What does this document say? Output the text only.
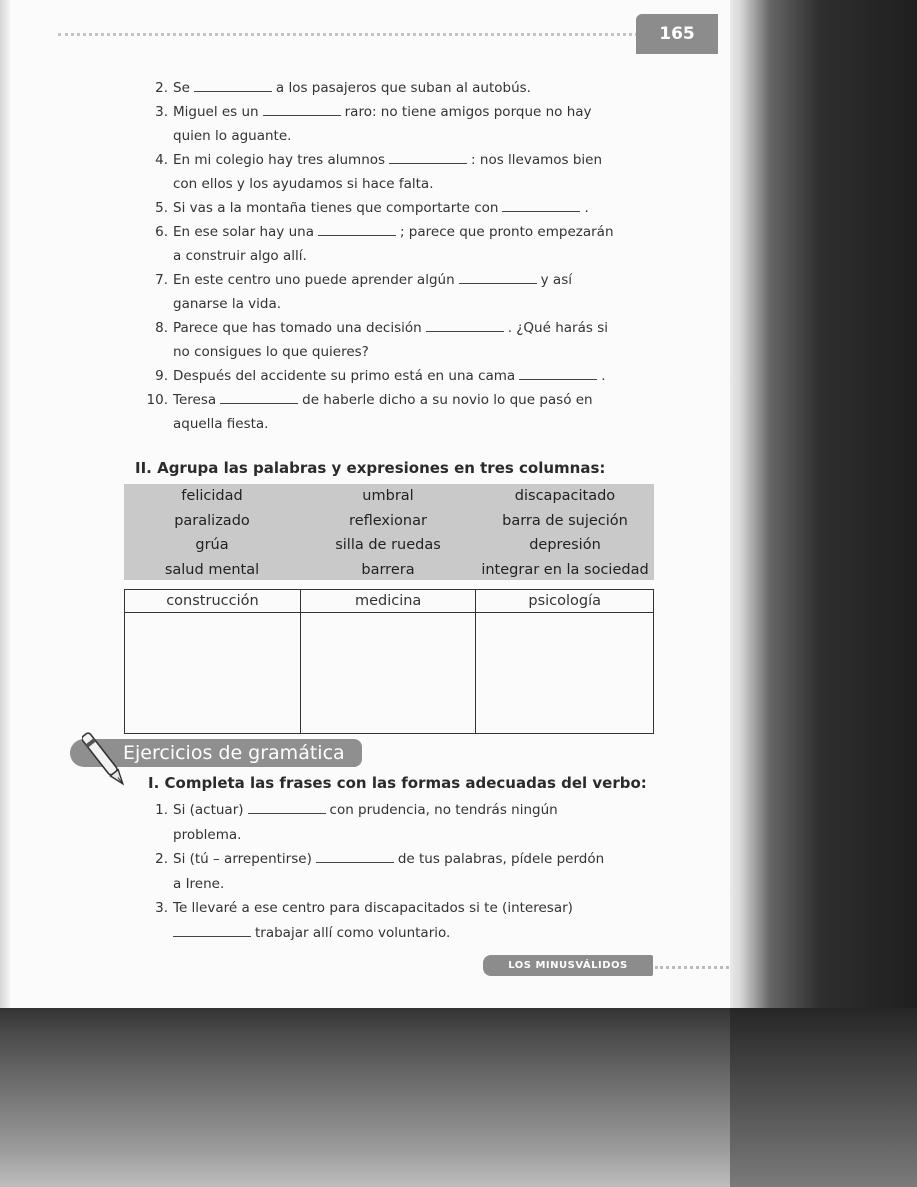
165
2. Se	a los pasajeros que suban al autobús.
3. Miguel es un	raro: no tiene amigos porque no hay
quien lo aguante.
4. En mi colegio hay tres alumnos	: nos llevamos bien
con ellos y los ayudamos si hace falta.
5. Si vas a la montaña tienes que comportarte con	.
6. En ese solar hay una	; parece que pronto empezarán
a construir algo allí.
7. En este centro uno puede aprender algún	y así
ganarse la vida.
8. Parece que has tomado una decisión	. ¿Qué harás si
no consigues lo que quieres?
9. Después del accidente su primo está en una cama	.
10. Teresa	de haberle dicho a su novio lo que pasó en
aquella fiesta.
II. Agrupa las palabras y expresiones en tres columnas:
felicidad	umbral	discapacitado
paralizado	reflexionar	barra de sujeción
grúa	silla de ruedas	depresión
salud mental	barrera	integrar en la sociedad
construcción	medicina	psicología

Ejercicios de gramática
I. Completa las frases con las formas adecuadas del verbo:
1. Si (actuar)	con prudencia, no tendrás ningún
problema.
2. Si (tú – arrepentirse)	de tus palabras, pídele perdón
a Irene.
3. Te llevaré a ese centro para discapacitados si te (interesar)
trabajar allí como voluntario.
LOS MINUSVÁLIDOS
